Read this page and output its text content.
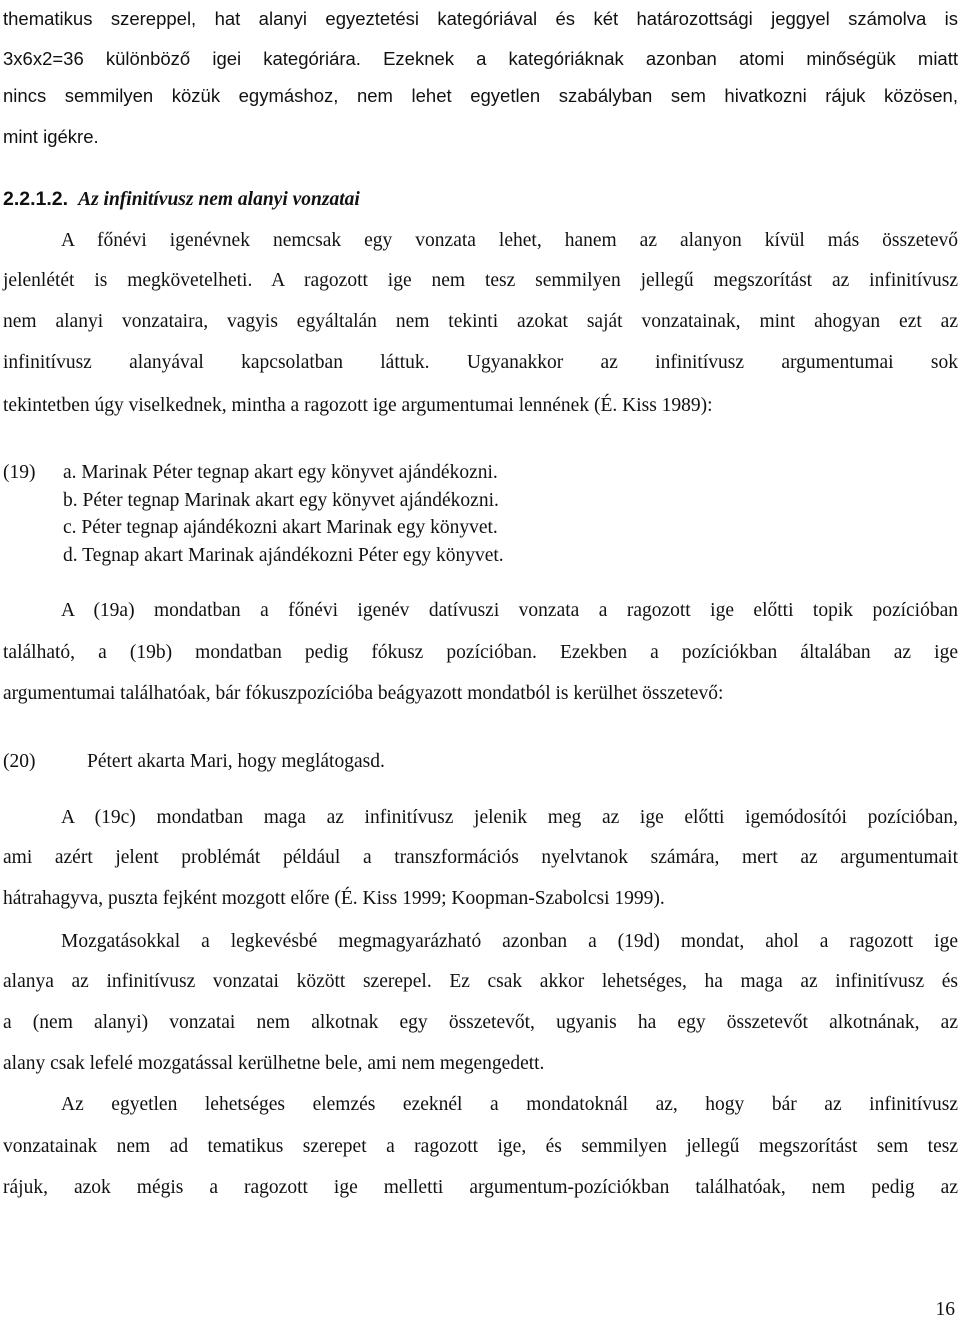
thematikus szereppel, hat alanyi egyeztetési kategóriával és két határozottsági jeggyel számolva is
3x6x2=36 különböző igei kategóriára. Ezeknek a kategóriáknak azonban atomi minőségük miatt
nincs semmilyen közük egymáshoz, nem lehet egyetlen szabályban sem hivatkozni rájuk közösen,
mint igékre.
2.2.1.2. Az infinitívusz nem alanyi vonzatai
A főnévi igenévnek nemcsak egy vonzata lehet, hanem az alanyon kívül más összetevő
jelenlétét is megkövetelheti. A ragozott ige nem tesz semmilyen jellegű megszorítást az infinitívusz
nem alanyi vonzataira, vagyis egyáltalán nem tekinti azokat saját vonzatainak, mint ahogyan ezt az
infinitívusz alanyával kapcsolatban láttuk. Ugyanakkor az infinitívusz argumentumai sok
tekintetben úgy viselkednek, mintha a ragozott ige argumentumai lennének (É. Kiss 1989):
(19) a. Marinak Péter tegnap akart egy könyvet ajándékozni.
b. Péter tegnap Marinak akart egy könyvet ajándékozni.
c. Péter tegnap ajándékozni akart Marinak egy könyvet.
d. Tegnap akart Marinak ajándékozni Péter egy könyvet.
A (19a) mondatban a főnévi igenév datívuszi vonzata a ragozott ige előtti topik pozícióban
található, a (19b) mondatban pedig fókusz pozícióban. Ezekben a pozíciókban általában az ige
argumentumai találhatóak, bár fókuszpozícióba beágyazott mondatból is kerülhet összetevő:
(20)	Pétert akarta Mari, hogy meglátogasd.
A (19c) mondatban maga az infinitívusz jelenik meg az ige előtti igemódosítói pozícióban,
ami azért jelent problémát például a transzformációs nyelvtanok számára, mert az argumentumait
hátrahagyva, puszta fejként mozgott előre (É. Kiss 1999; Koopman-Szabolcsi 1999).
Mozgatásokkal a legkevésbé megmagyarázható azonban a (19d) mondat, ahol a ragozott ige
alanya az infinitívusz vonzatai között szerepel. Ez csak akkor lehetséges, ha maga az infinitívusz és
a (nem alanyi) vonzatai nem alkotnak egy összetevőt, ugyanis ha egy összetevőt alkotnának, az
alany csak lefelé mozgatással kerülhetne bele, ami nem megengedett.
Az egyetlen lehetséges elemzés ezeknél a mondatoknál az, hogy bár az infinitívusz
vonzatainak nem ad tematikus szerepet a ragozott ige, és semmilyen jellegű megszorítást sem tesz
rájuk, azok mégis a ragozott ige melletti argumentum-pozíciókban találhatóak, nem pedig az
16
